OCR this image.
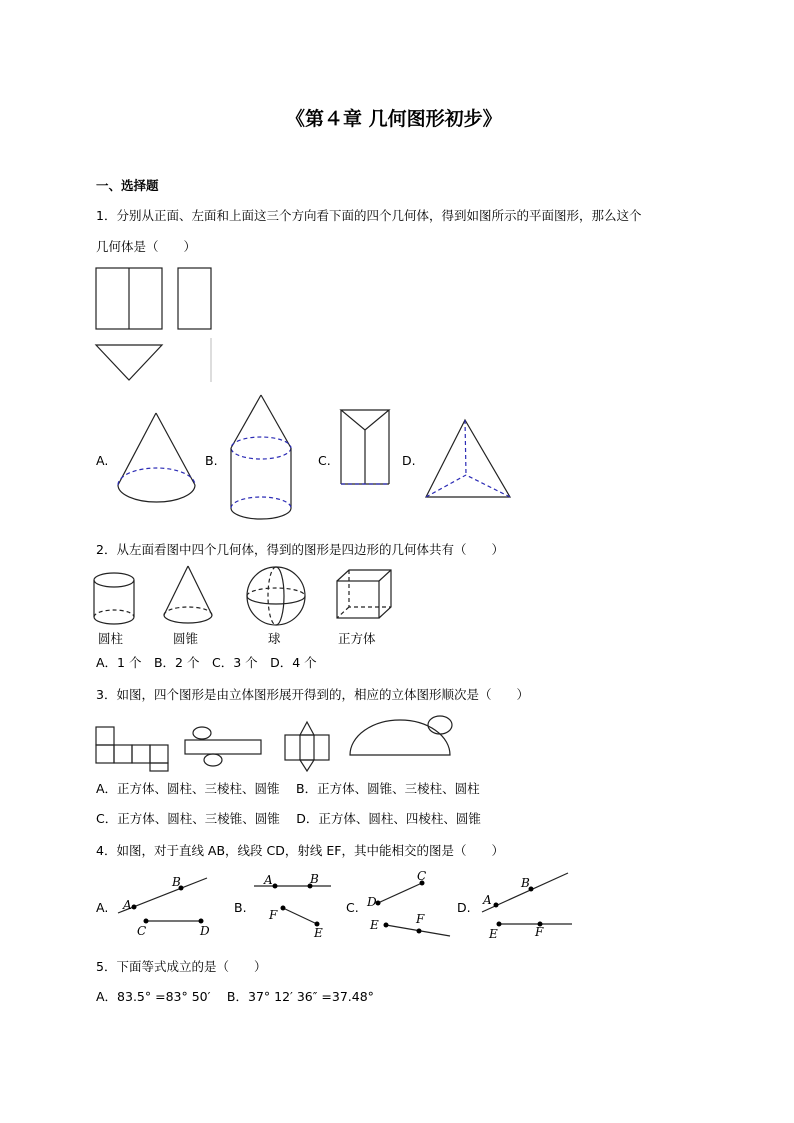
《第４章 几何图形初步》
一、选择题
1．分别从正面、左面和上面这三个方向看下面的四个几何体，得到如图所示的平面图形，那么这个
几何体是（　　）
A.	B.	C.	D.
2．从左面看图中四个几何体，得到的图形是四边形的几何体共有（　　）
圆柱	圆锥	球	正方体
A．1 个　B．2 个　C．3 个　D．4 个
3．如图，四个图形是由立体图形展开得到的，相应的立体图形顺次是（　　）
A．正方体、圆柱、三棱柱、圆锥　 B．正方体、圆锥、三棱柱、圆柱
C．正方体、圆柱、三棱锥、圆锥　 D．正方体、圆柱、四棱柱、圆锥
4．如图，对于直线 AB，线段 CD，射线 EF，其中能相交的图是（　　）
A.	B.	C.	D.
A
B
C	D
A	B
F
E
D
C
E	F
A
B
E	F
5．下面等式成立的是（　　）
A．83.5° =83° 50′　 B．37° 12′ 36″ =37.48°
